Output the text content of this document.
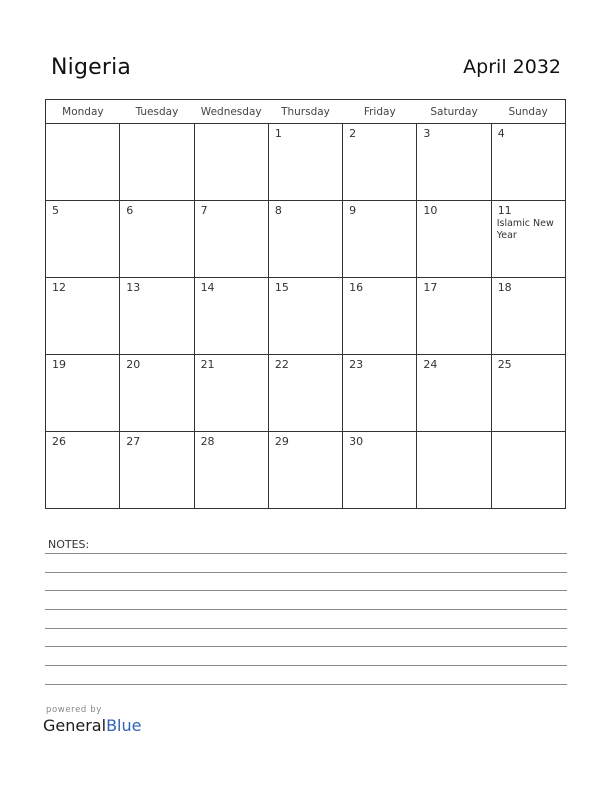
Nigeria	April 2032
Monday	Tuesday	Wednesday	Thursday	Friday	Saturday	Sunday

			1	2	3	4

5	6	7	8	9	10	11
Islamic New Year

12	13	14	15	16	17	18

19	20	21	22	23	24	25

26	27	28	29	30		

NOTES:
powered by
GeneralBlue
